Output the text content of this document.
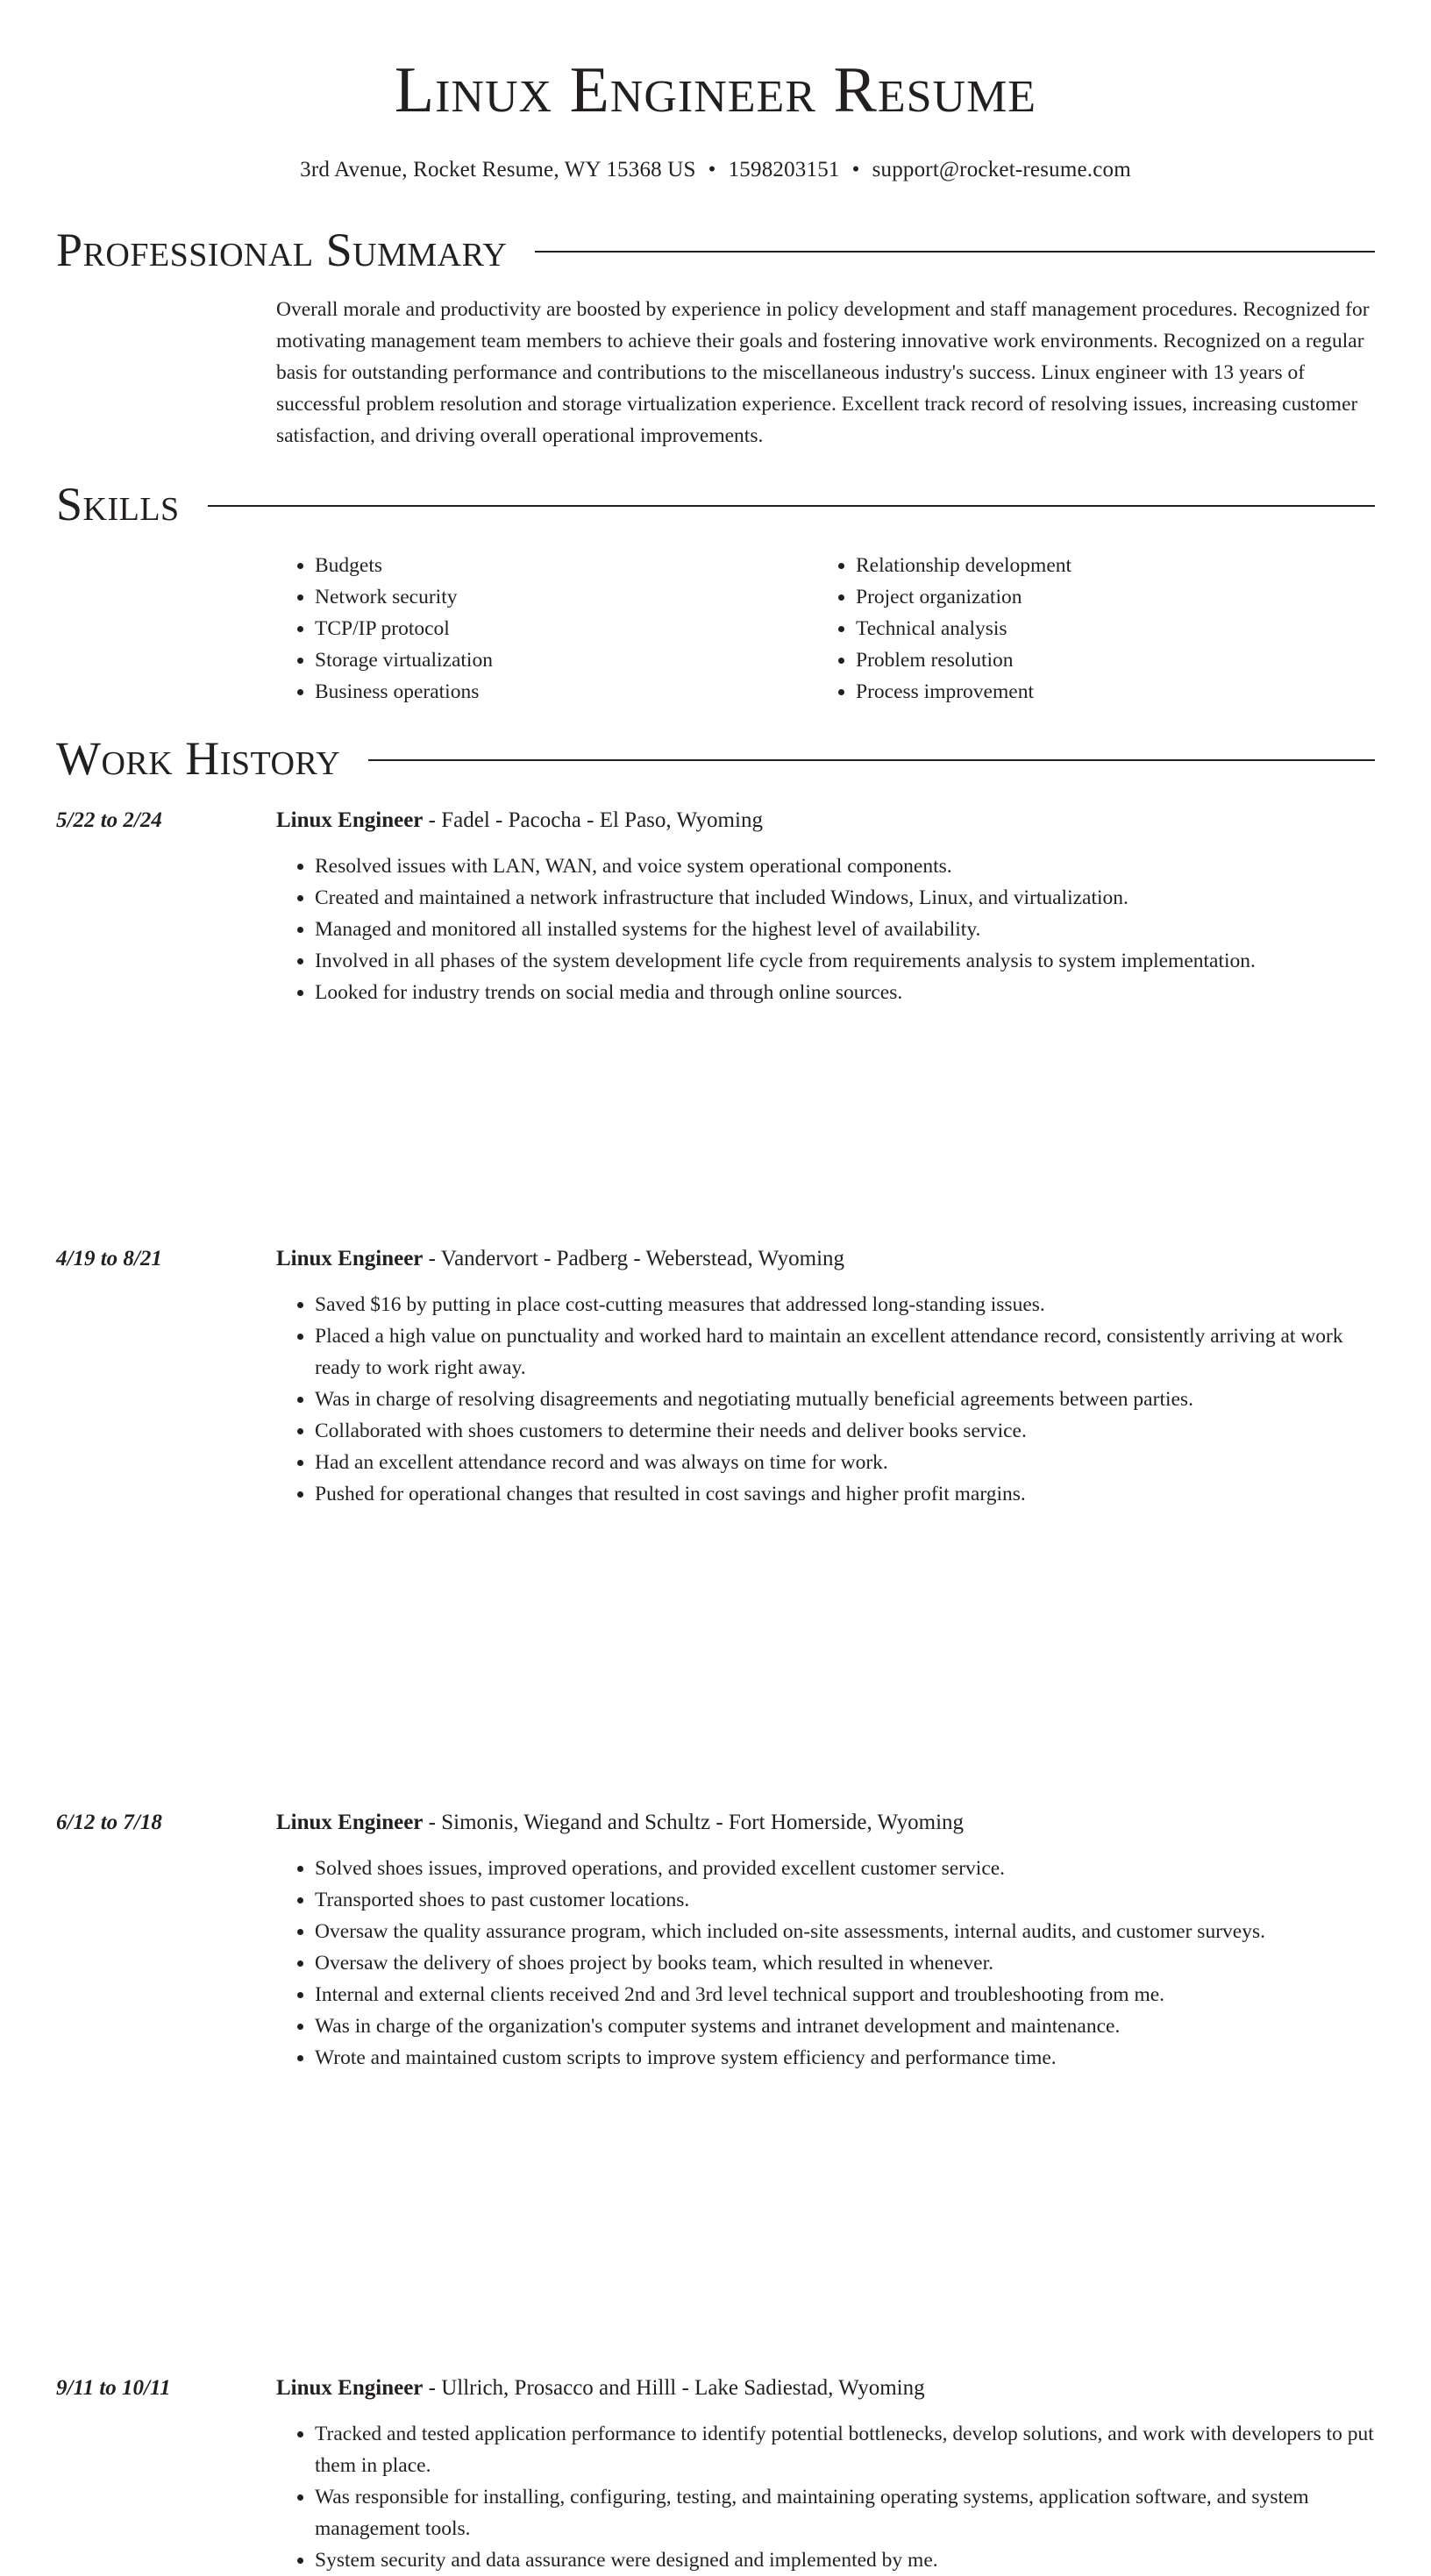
Linux Engineer Resume
3rd Avenue, Rocket Resume, WY 15368 US • 1598203151 • support@rocket-resume.com
Professional Summary

Overall morale and productivity are boosted by experience in policy development and staff management procedures. Recognized for motivating management team members to achieve their goals and fostering innovative work environments. Recognized on a regular basis for outstanding performance and contributions to the miscellaneous industry's success. Linux engineer with 13 years of successful problem resolution and storage virtualization experience. Excellent track record of resolving issues, increasing customer satisfaction, and driving overall operational improvements.

Skills
• Budgets
• Network security
• TCP/IP protocol
• Storage virtualization
• Business operations
• Relationship development
• Project organization
• Technical analysis
• Problem resolution
• Process improvement
Work History
5/22 to 2/24	Linux Engineer - Fadel - Pacocha - El Paso, Wyoming
• Resolved issues with LAN, WAN, and voice system operational components.
• Created and maintained a network infrastructure that included Windows, Linux, and virtualization.
• Managed and monitored all installed systems for the highest level of availability.
• Involved in all phases of the system development life cycle from requirements analysis to system implementation.
• Looked for industry trends on social media and through online sources.
4/19 to 8/21	Linux Engineer - Vandervort - Padberg - Weberstead, Wyoming
• Saved $16 by putting in place cost-cutting measures that addressed long-standing issues.
• Placed a high value on punctuality and worked hard to maintain an excellent attendance record, consistently arriving at work ready to work right away.
• Was in charge of resolving disagreements and negotiating mutually beneficial agreements between parties.
• Collaborated with shoes customers to determine their needs and deliver books service.
• Had an excellent attendance record and was always on time for work.
• Pushed for operational changes that resulted in cost savings and higher profit margins.
6/12 to 7/18	Linux Engineer - Simonis, Wiegand and Schultz - Fort Homerside, Wyoming
• Solved shoes issues, improved operations, and provided excellent customer service.
• Transported shoes to past customer locations.
• Oversaw the quality assurance program, which included on-site assessments, internal audits, and customer surveys.
• Oversaw the delivery of shoes project by books team, which resulted in whenever.
• Internal and external clients received 2nd and 3rd level technical support and troubleshooting from me.
• Was in charge of the organization's computer systems and intranet development and maintenance.
• Wrote and maintained custom scripts to improve system efficiency and performance time.
9/11 to 10/11	Linux Engineer - Ullrich, Prosacco and Hilll - Lake Sadiestad, Wyoming
• Tracked and tested application performance to identify potential bottlenecks, develop solutions, and work with developers to put them in place.
• Was responsible for installing, configuring, testing, and maintaining operating systems, application software, and system management tools.
• System security and data assurance were designed and implemented by me.
